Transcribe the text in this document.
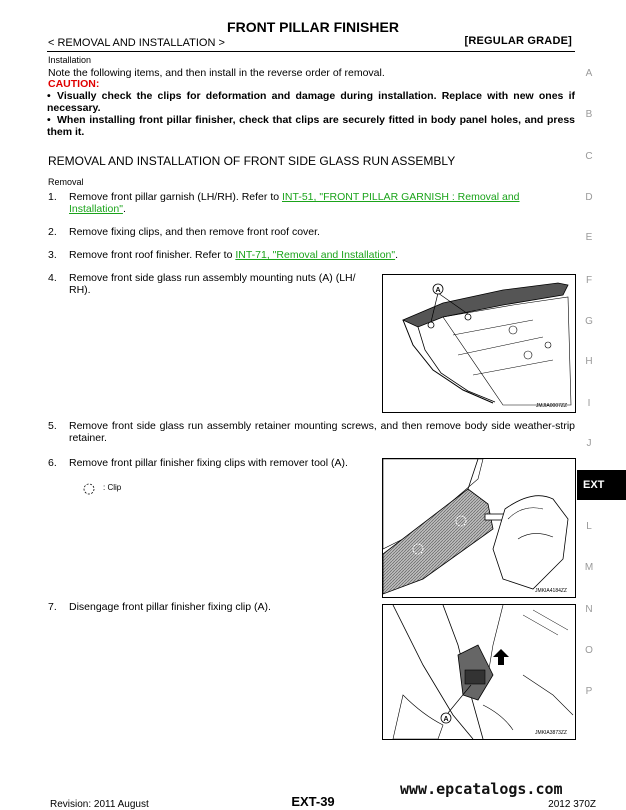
FRONT PILLAR FINISHER
< REMOVAL AND INSTALLATION >	[REGULAR GRADE]
Installation
Note the following items, and then install in the reverse order of removal.
CAUTION:
• Visually check the clips for deformation and damage during installation. Replace with new ones if necessary.
• When installing front pillar finisher, check that clips are securely fitted in body panel holes, and press them it.
REMOVAL AND INSTALLATION OF FRONT SIDE GLASS RUN ASSEMBLY
Removal
1. Remove front pillar garnish (LH/RH). Refer to INT-51, "FRONT PILLAR GARNISH : Removal and Installation".
2. Remove fixing clips, and then remove front roof cover.
3. Remove front roof finisher. Refer to INT-71, "Removal and Installation".
4. Remove front side glass run assembly mounting nuts (A) (LH/ RH).
5. Remove front side glass run assembly retainer mounting screws, and then remove body side weather-strip retainer.
6. Remove front pillar finisher fixing clips with remover tool (A).
: Clip
7. Disengage front pillar finisher fixing clip (A).
A
JMJIA0007ZZ
JMKIA4184ZZ
A
JMKIA3873ZZ
A
B
C
D
E
F
G
H
I
J
EXT
L
M
N
O
P
www.epcatalogs.com
Revision: 2011 August	EXT-39	2012 370Z
